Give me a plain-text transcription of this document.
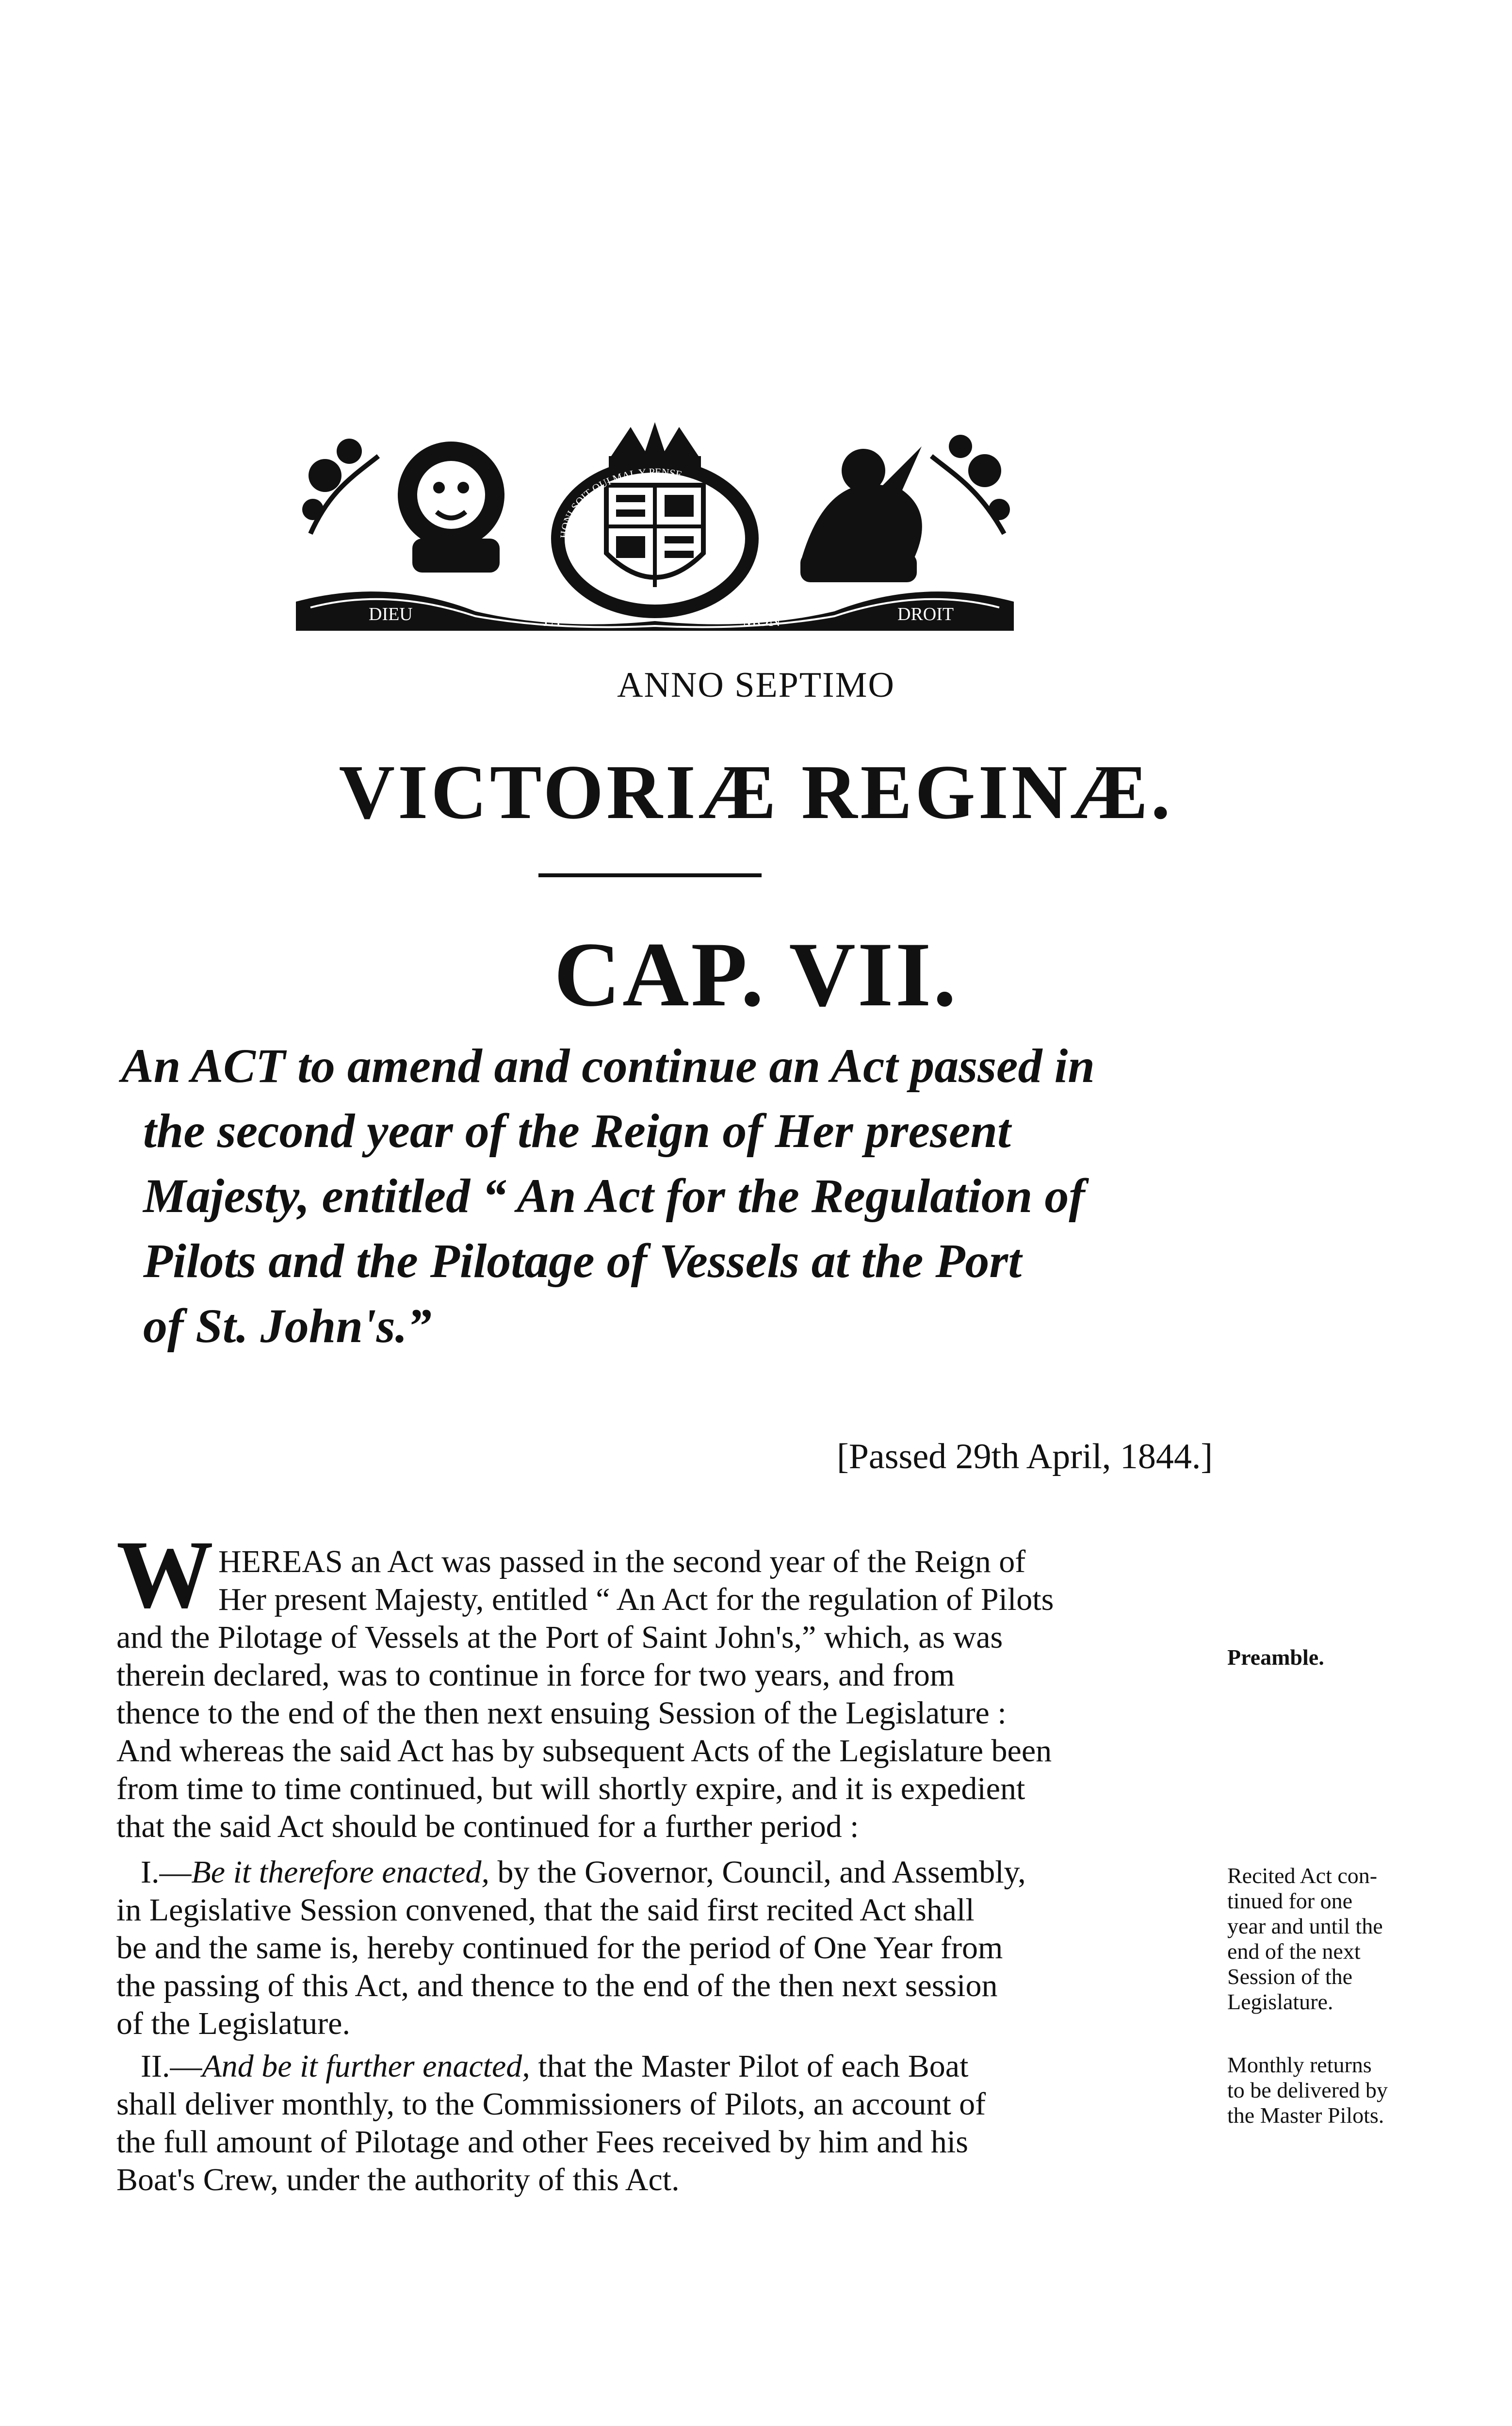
DIEU	ET	MON	DROIT
HONI SOIT QUI MAL Y PENSE
ANNO SEPTIMO
VICTORIÆ REGINÆ.
CAP. VII.
An ACT to amend and continue an Act passed in
the second year of the Reign of Her present
Majesty, entitled “ An Act for the Regulation of
Pilots and the Pilotage of Vessels at the Port
of St. John's.”
[Passed 29th April, 1844.]
W HEREAS an Act was passed in the second year of the Reign of
Her present Majesty, entitled “ An Act for the regulation of Pilots
and the Pilotage of Vessels at the Port of Saint John's,” which, as was
therein declared, was to continue in force for two years, and from
thence to the end of the then next ensuing Session of the Legislature :
And whereas the said Act has by subsequent Acts of the Legislature been
from time to time continued, but will shortly expire, and it is expedient
that the said Act should be continued for a further period :
Preamble.
I.—Be it therefore enacted, by the Governor, Council, and Assembly,
in Legislative Session convened, that the said first recited Act shall
be and the same is, hereby continued for the period of One Year from
the passing of this Act, and thence to the end of the then next session
of the Legislature.
Recited Act con-
tinued for one
year and until the
end of the next
Session of the
Legislature.
II.—And be it further enacted, that the Master Pilot of each Boat
shall deliver monthly, to the Commissioners of Pilots, an account of
the full amount of Pilotage and other Fees received by him and his
Boat's Crew, under the authority of this Act.
Monthly returns
to be delivered by
the Master Pilots.
